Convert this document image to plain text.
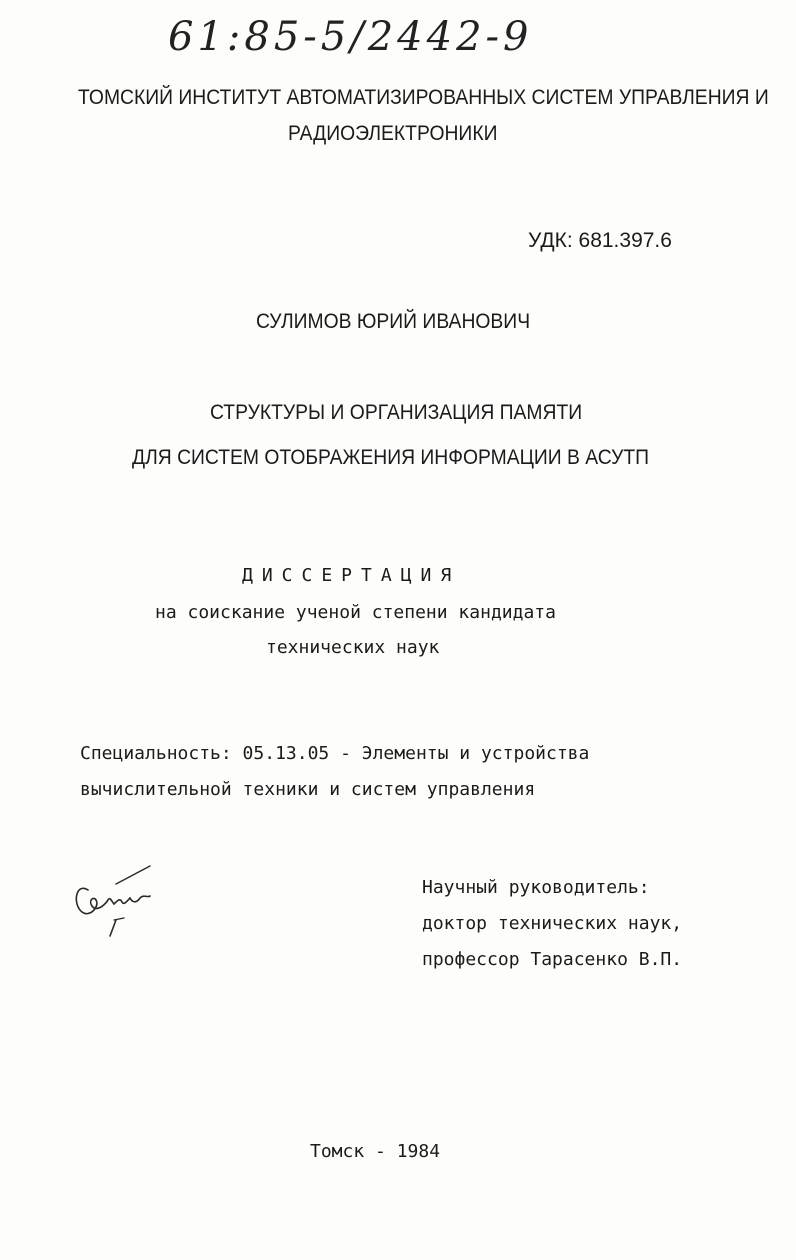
61:85-5/2442-9
ТОМСКИЙ ИНСТИТУТ АВТОМАТИЗИРОВАННЫХ СИСТЕМ УПРАВЛЕНИЯ И
РАДИОЭЛЕКТРОНИКИ
УДК: 681.397.6
СУЛИМОВ ЮРИЙ ИВАНОВИЧ
СТРУКТУРЫ И ОРГАНИЗАЦИЯ ПАМЯТИ
ДЛЯ СИСТЕМ ОТОБРАЖЕНИЯ ИНФОРМАЦИИ В АСУТП
ДИССЕРТАЦИЯ
на соискание ученой степени кандидата
технических наук
Специальность: 05.13.05 - Элементы и устройства
вычислительной техники и систем управления
Научный руководитель:
доктор технических наук,
профессор Тарасенко В.П.
Томск - 1984
